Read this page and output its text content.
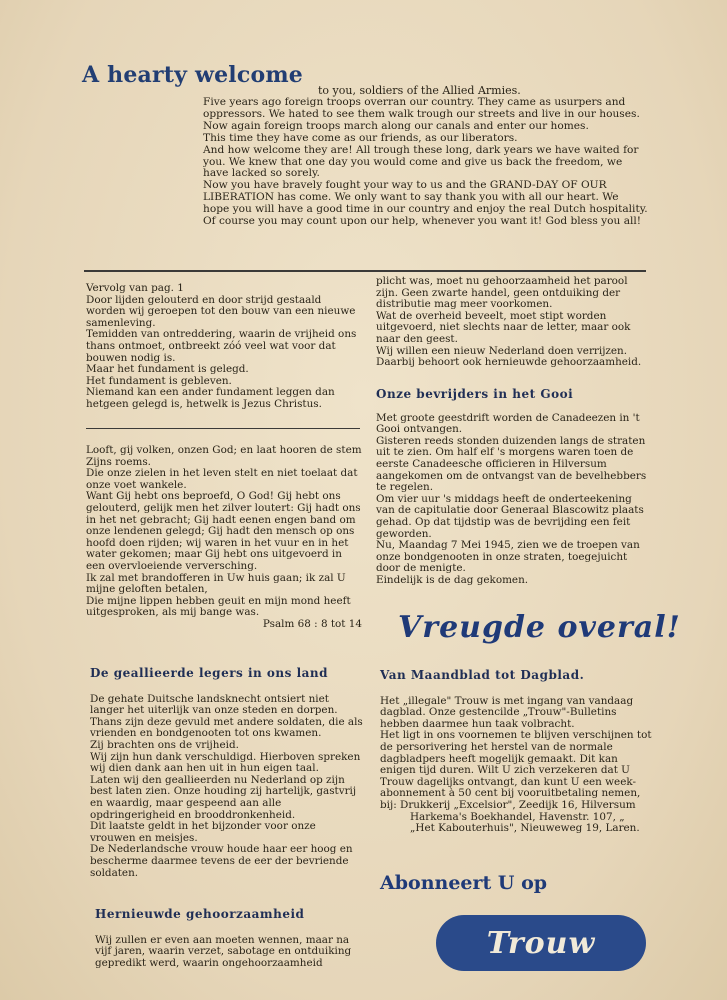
A hearty welcome
to you, soldiers of the Allied Armies.

Five years ago foreign troops overran our country. They came as usurpers and oppressors. We hated to see them walk trough our streets and live in our houses.

Now again foreign troops march along our canals and enter our homes.

This time they have come as our friends, as our liberators.

And how welcome they are! All trough these long, dark years we have waited for you. We knew that one day you would come and give us back the freedom, we have lacked so sorely.

Now you have bravely fought your way to us and the GRAND-DAY OF OUR LIBERATION has come. We only want to say thank you with all our heart. We hope you will have a good time in our country and enjoy the real Dutch hospitality.

Of course you may count upon our help, whenever you want it! God bless you all!

Vervolg van pag. 1

Door lijden gelouterd en door strijd gestaald worden wij geroepen tot den bouw van een nieuwe samenleving.

Temidden van ontreddering, waarin de vrijheid ons thans ontmoet, ontbreekt zóó veel wat voor dat bouwen nodig is.

Maar het fundament is gelegd.

Het fundament is gebleven.

Niemand kan een ander fundament leggen dan hetgeen gelegd is, hetwelk is Jezus Christus.

Looft, gij volken, onzen God; en laat hooren de stem Zijns roems.

Die onze zielen in het leven stelt en niet toelaat dat onze voet wankele.

Want Gij hebt ons beproefd, O God! Gij hebt ons gelouterd, gelijk men het zilver loutert: Gij hadt ons in het net gebracht; Gij hadt eenen engen band om onze lendenen gelegd; Gij hadt den mensch op ons hoofd doen rijden; wij waren in het vuur en in het water gekomen; maar Gij hebt ons uitgevoerd in een overvloeiende verversching.

Ik zal met brandofferen in Uw huis gaan; ik zal U mijne geloften betalen,

Die mijne lippen hebben geuit en mijn mond heeft uitgesproken, als mij bange was.

Psalm 68 : 8 tot 14

De geallieerde legers in ons land

De gehate Duitsche landsknecht ontsiert niet langer het uiterlijk van onze steden en dorpen. Thans zijn deze gevuld met andere soldaten, die als vrienden en bondgenooten tot ons kwamen.

Zij brachten ons de vrijheid.

Wij zijn hun dank verschuldigd. Hierboven spreken wij dien dank aan hen uit in hun eigen taal.

Laten wij den geallieerden nu Nederland op zijn best laten zien. Onze houding zij hartelijk, gastvrij en waardig, maar gespeend aan alle opdringerigheid en brooddronkenheid.

Dit laatste geldt in het bijzonder voor onze vrouwen en meisjes.

De Nederlandsche vrouw houde haar eer hoog en bescherme daarmee tevens de eer der bevriende soldaten.

Hernieuwde gehoorzaamheid

Wij zullen er even aan moeten wennen, maar na vijf jaren, waarin verzet, sabotage en ontduiking gepredikt werd, waarin ongehoorzaamheid

plicht was, moet nu gehoorzaamheid het parool zijn. Geen zwarte handel, geen ontduiking der distributie mag meer voorkomen.

Wat de overheid beveelt, moet stipt worden uitgevoerd, niet slechts naar de letter, maar ook naar den geest.

Wij willen een nieuw Nederland doen verrijzen. Daarbij behoort ook hernieuwde gehoorzaamheid.

Onze bevrijders in het Gooi

Met groote geestdrift worden de Canadeezen in 't Gooi ontvangen.

Gisteren reeds stonden duizenden langs de straten uit te zien. Om half elf 's morgens waren toen de eerste Canadeesche officieren in Hilversum aangekomen om de ontvangst van de bevelhebbers te regelen.

Om vier uur 's middags heeft de onderteekening van de capitulatie door Generaal Blascowitz plaats gehad. Op dat tijdstip was de bevrijding een feit geworden.

Nu, Maandag 7 Mei 1945, zien we de troepen van onze bondgenooten in onze straten, toegejuicht door de menigte.

Eindelijk is de dag gekomen.

Vreugde overal!

Van Maandblad tot Dagblad.

Het „illegale" Trouw is met ingang van vandaag dagblad. Onze gestencilde „Trouw"-Bulletins hebben daarmee hun taak volbracht.

Het ligt in ons voornemen te blijven verschijnen tot de persorivering het herstel van de normale dagbladpers heeft mogelijk gemaakt. Dit kan enigen tijd duren. Wilt U zich verzekeren dat U Trouw dagelijks ontvangt, dan kunt U een week-abonnement à 50 cent bij vooruitbetaling nemen, bij: Drukkerij „Excelsior", Zeedijk 16, Hilversum

Harkema's Boekhandel, Havenstr. 107, „

„Het Kabouterhuis", Nieuweweg 19, Laren.

Abonneert U op
Trouw
